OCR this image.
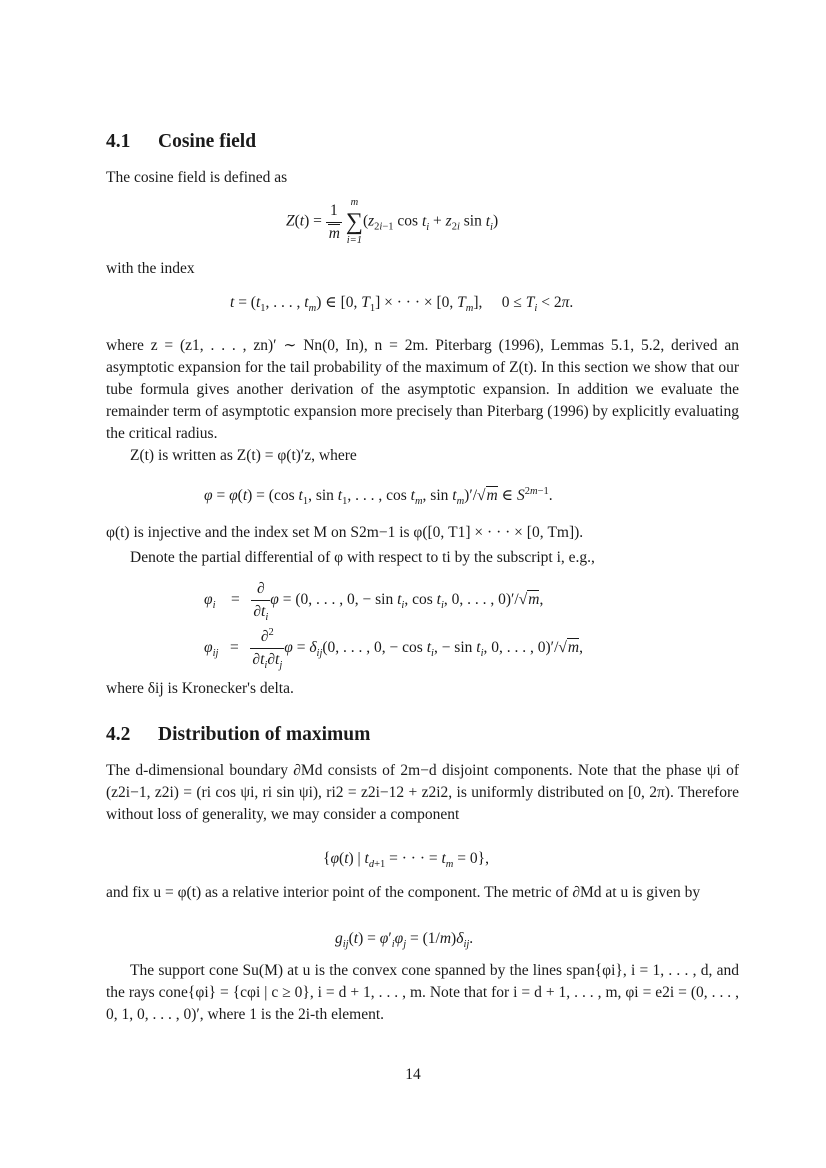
4.1 Cosine field
The cosine field is defined as
$Z(t) = \frac{1}{m}$
m
∑
i=1
($z_{2i-1}$ $\cos t_i + z_{2i}$ $\sin t_i$)
with the index
$t = (t_1$, . . . , $t_m$) ∈ [0, $T_1$] × · · · × [0, $T_m$],     $0 \le T_i < 2\pi$.
where z = (z1, . . . , zn)′ ∼ Nn(0, In), n = 2m. Piterbarg (1996), Lemmas 5.1, 5.2, derived an asymptotic expansion for the tail probability of the maximum of Z(t). In this section we show that our tube formula gives another derivation of the asymptotic expansion. In addition we evaluate the remainder term of asymptotic expansion more precisely than Piterbarg (1996) by explicitly evaluating the critical radius.
Z(t) is written as Z(t) = φ(t)′z, where
φ = φ(t) = (cos $t_1$, $\sin t_1$, . . . , $\cos t_m$, $\sin t_m)'/√m$ ∈ $S^{2m-1}$.
φ(t) is injective and the index set M on S2m−1 is φ([0, T1] × · · · × [0, Tm]).
Denote the partial differential of φ with respect to ti by the subscript i, e.g.,
$\varphi_i$    = $\frac{\partial}{\partial t_i}$ φ = (0, . . . , 0, − $\sin t_i$, $\cos t_i$, 0, . . . , 0)′/√m,
$\varphi_{ij} = \frac{\partial^2}{\partial t_i\partial t_j}$ $\varphi = \delta_{ij}(0$, . . . , 0, − $\cos t_i$, − $\sin t_i$, 0, . . . , 0)′/√m,
where δij is Kronecker's delta.
4.2 Distribution of maximum
The d-dimensional boundary ∂Md consists of 2m−d disjoint components. Note that the phase ψi of (z2i−1, z2i) = (ri cos ψi, ri sin ψi), ri2 = z2i−12 + z2i2, is uniformly distributed on [0, 2π). Therefore without loss of generality, we may consider a component
{φ(t) | $t_{d+1}$ = · · · = $t_m = 0$},
and fix u = φ(t) as a relative interior point of the component. The metric of ∂Md at u is given by
$g_{ij}(t) = \varphi'_i\varphi_j = (1/m)\delta_{ij}$.
The support cone Su(M) at u is the convex cone spanned by the lines span{φi}, i = 1, . . . , d, and the rays cone{φi} = {cφi | c ≥ 0}, i = d + 1, . . . , m. Note that for i = d + 1, . . . , m, φi = e2i = (0, . . . , 0, 1, 0, . . . , 0)′, where 1 is the 2i-th element.
14
